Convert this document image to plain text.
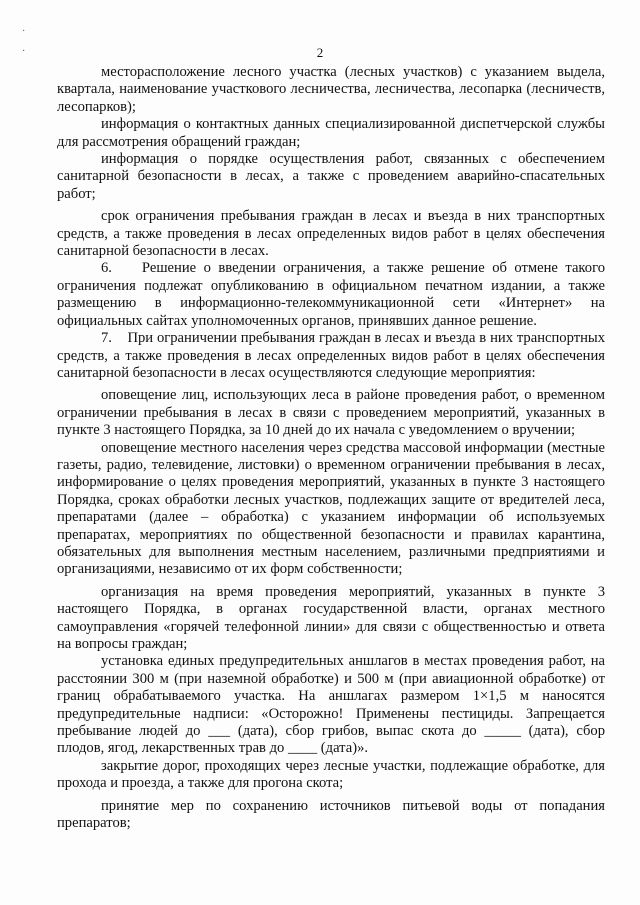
·
·	2

месторасположение лесного участка (лесных участков) с указанием выдела, квартала, наименование участкового лесничества, лесничества, лесопарка (лесничеств, лесопарков);

информация о контактных данных специализированной диспетчерской службы для рассмотрения обращений граждан;

информация о порядке осуществления работ, связанных с обеспечением санитарной безопасности в лесах, а также с проведением аварийно-спасательных работ;

срок ограничения пребывания граждан в лесах и въезда в них транспортных средств, а также проведения в лесах определенных видов работ в целях обеспечения санитарной безопасности в лесах.

6.    Решение о введении ограничения, а также решение об отмене такого ограничения подлежат опубликованию в официальном печатном издании, а также размещению в информационно-телекоммуникационной сети «Интернет» на официальных сайтах уполномоченных органов, принявших данное решение.

7.    При ограничении пребывания граждан в лесах и въезда в них транспортных средств, а также проведения в лесах определенных видов работ в целях обеспечения санитарной безопасности в лесах осуществляются следующие мероприятия:

оповещение лиц, использующих леса в районе проведения работ, о временном ограничении пребывания в лесах в связи с проведением мероприятий, указанных в пункте 3 настоящего Порядка, за 10 дней до их начала с уведомлением о вручении;

оповещение местного населения через средства массовой информации (местные газеты, радио, телевидение, листовки) о временном ограничении пребывания в лесах, информирование о целях проведения мероприятий, указанных в пункте 3 настоящего Порядка, сроках обработки лесных участков, подлежащих защите от вредителей леса, препаратами (далее – обработка) с указанием информации об используемых препаратах, мероприятиях по общественной безопасности и правилах карантина, обязательных для выполнения местным населением, различными предприятиями и организациями, независимо от их форм собственности;

организация на время проведения мероприятий, указанных в пункте 3 настоящего Порядка, в органах государственной власти, органах местного самоуправления «горячей телефонной линии» для связи с общественностью и ответа на вопросы граждан;

установка единых предупредительных аншлагов в местах проведения работ, на расстоянии 300 м (при наземной обработке) и 500 м (при авиационной обработке) от границ обрабатываемого участка. На аншлагах размером 1×1,5 м наносятся предупредительные надписи: «Осторожно! Применены пестициды. Запрещается пребывание людей до ___ (дата), сбор грибов, выпас скота до _____ (дата), сбор плодов, ягод, лекарственных трав до ____ (дата)».

закрытие дорог, проходящих через лесные участки, подлежащие обработке, для прохода и проезда, а также для прогона скота;

принятие мер по сохранению источников питьевой воды от попадания препаратов;
